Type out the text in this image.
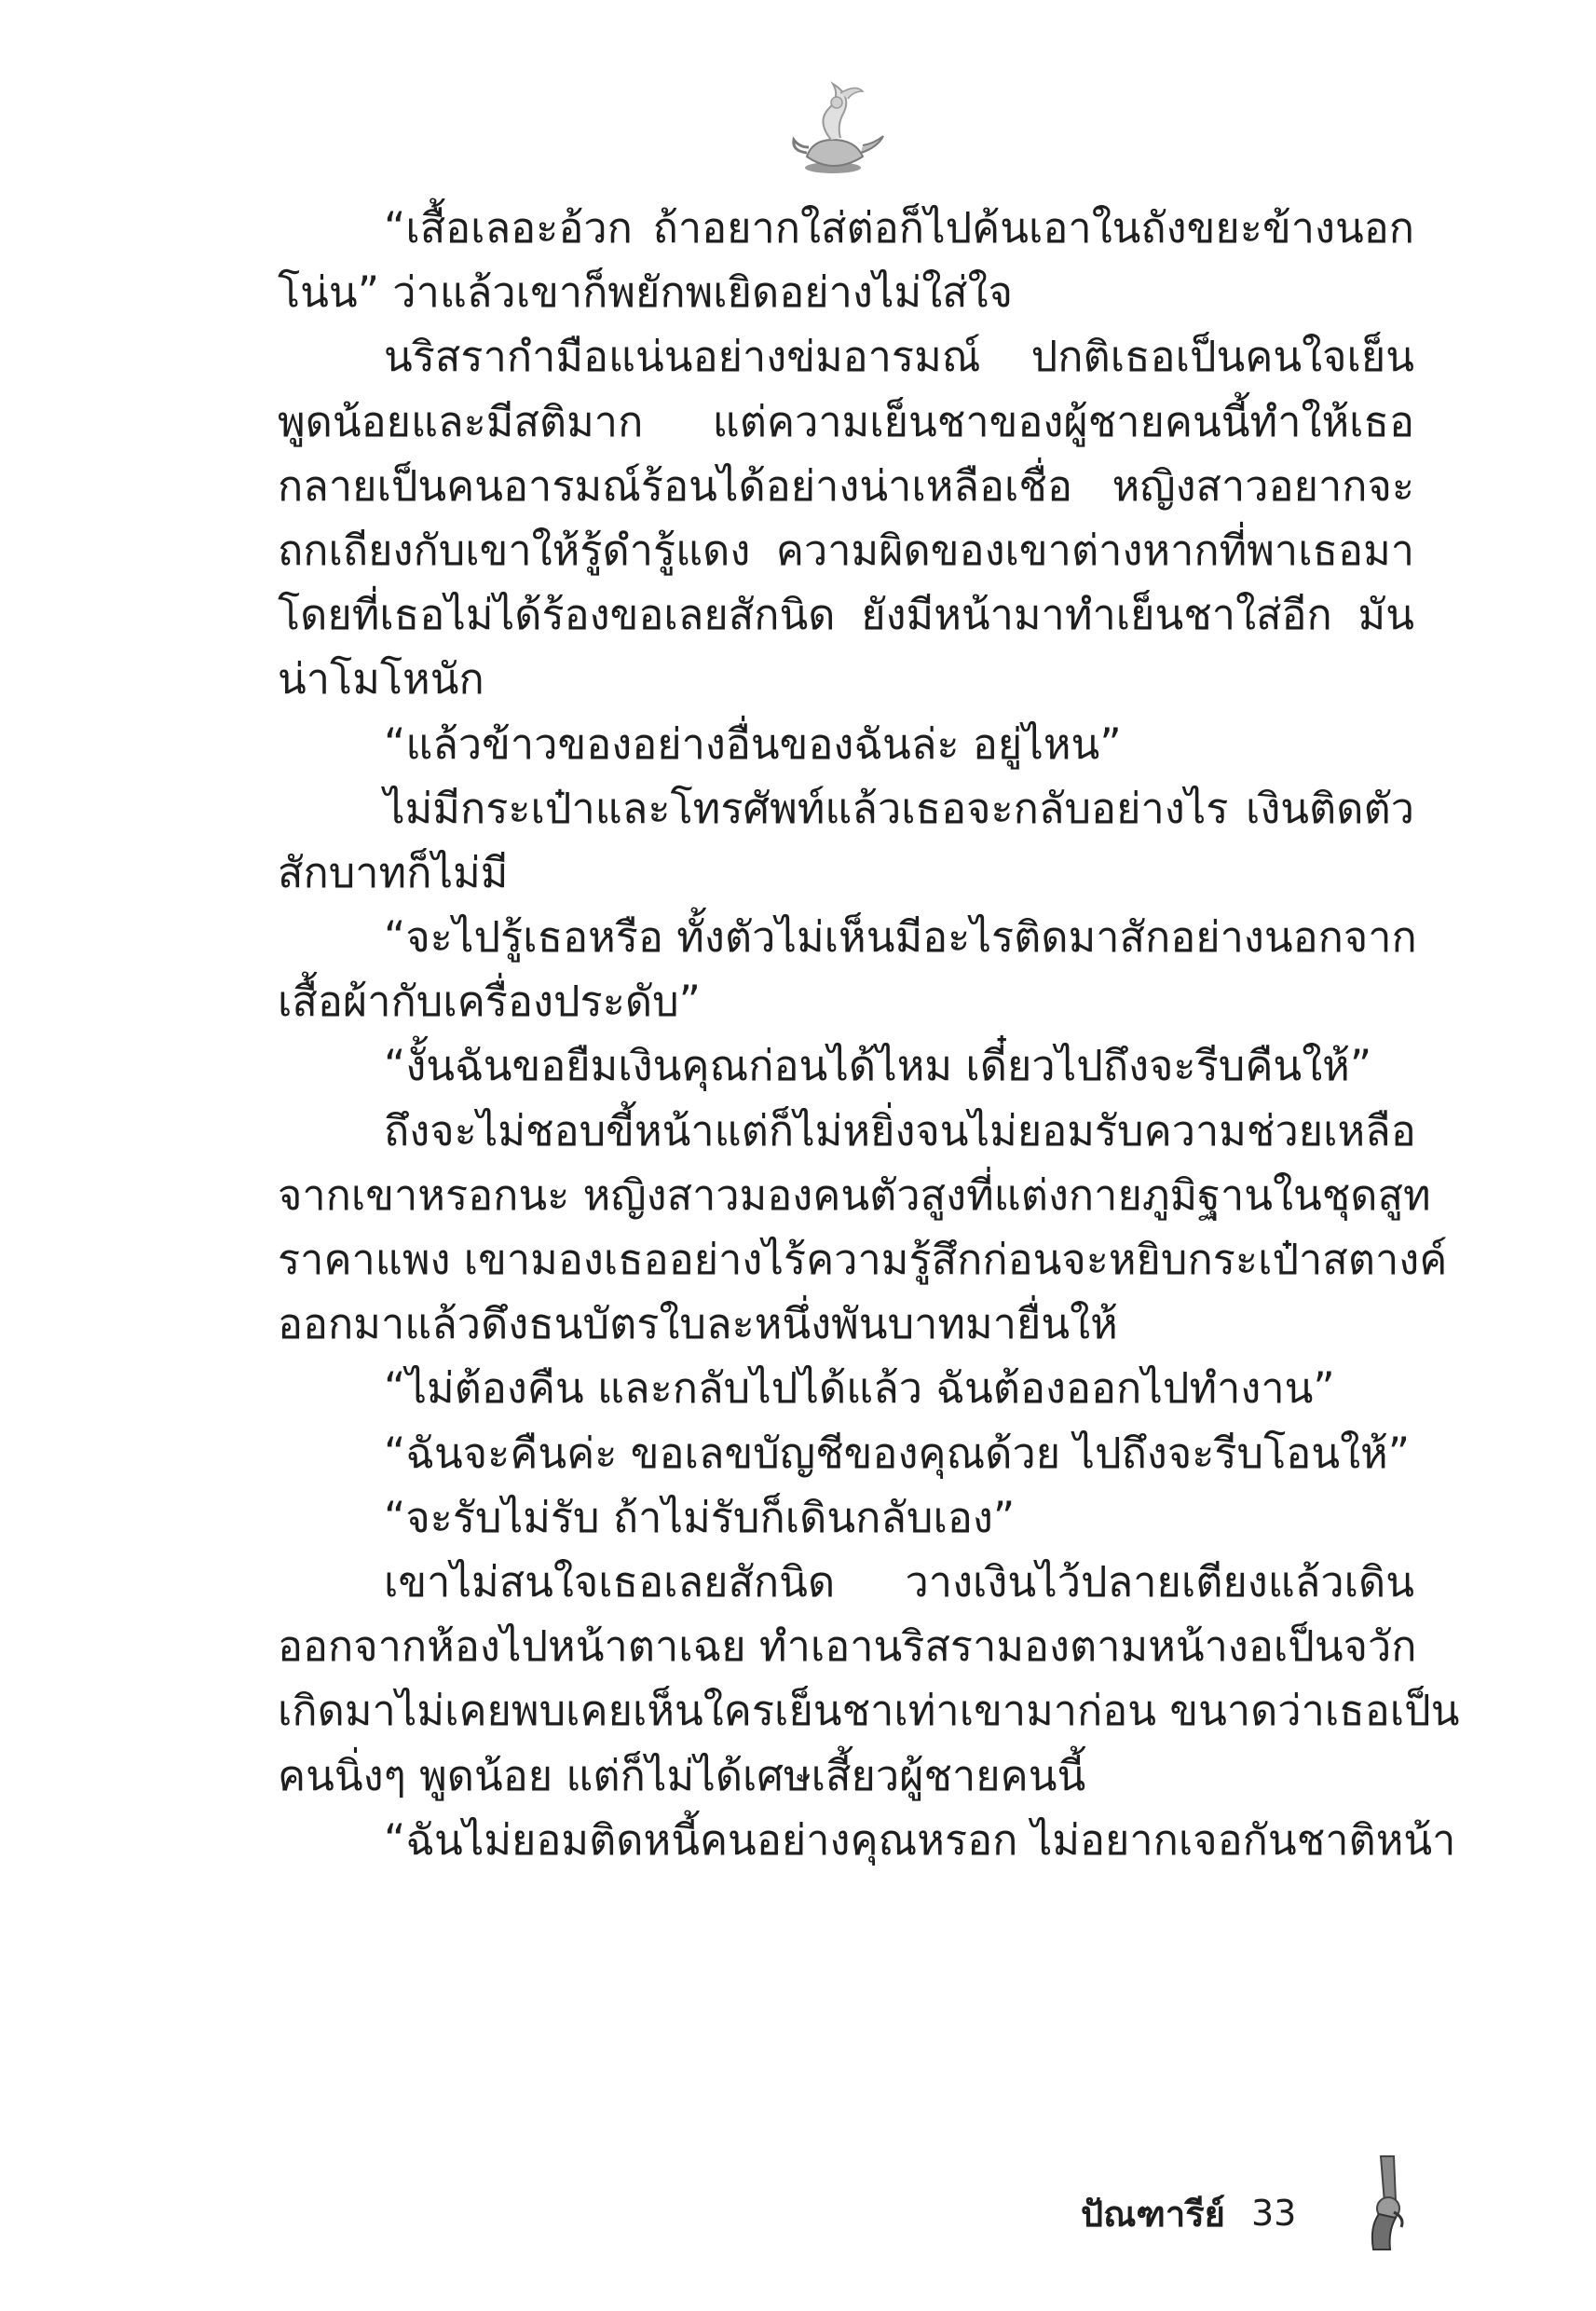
“เสื้อเลอะอ้วก ถ้าอยากใส่ต่อก็ไปค้นเอาในถังขยะข้างนอก
โน่น” ว่าแล้วเขาก็พยักพเยิดอย่างไม่ใส่ใจ
นริสรากำมือแน่นอย่างข่มอารมณ์ ปกติเธอเป็นคนใจเย็น
พูดน้อยและมีสติมาก แต่ความเย็นชาของผู้ชายคนนี้ทำให้เธอ
กลายเป็นคนอารมณ์ร้อนได้อย่างน่าเหลือเชื่อ หญิงสาวอยากจะ
ถกเถียงกับเขาให้รู้ดำรู้แดง ความผิดของเขาต่างหากที่พาเธอมา
โดยที่เธอไม่ได้ร้องขอเลยสักนิด ยังมีหน้ามาทำเย็นชาใส่อีก มัน
น่าโมโหนัก
“แล้วข้าวของอย่างอื่นของฉันล่ะ อยู่ไหน”
ไม่มีกระเป๋าและโทรศัพท์แล้วเธอจะกลับอย่างไร เงินติดตัว
สักบาทก็ไม่มี
“จะไปรู้เธอหรือ ทั้งตัวไม่เห็นมีอะไรติดมาสักอย่างนอกจาก
เสื้อผ้ากับเครื่องประดับ”
“งั้นฉันขอยืมเงินคุณก่อนได้ไหม เดี๋ยวไปถึงจะรีบคืนให้”
ถึงจะไม่ชอบขี้หน้าแต่ก็ไม่หยิ่งจนไม่ยอมรับความช่วยเหลือ
จากเขาหรอกนะ หญิงสาวมองคนตัวสูงที่แต่งกายภูมิฐานในชุดสูท
ราคาแพง เขามองเธออย่างไร้ความรู้สึกก่อนจะหยิบกระเป๋าสตางค์
ออกมาแล้วดึงธนบัตรใบละหนึ่งพันบาทมายื่นให้
“ไม่ต้องคืน และกลับไปได้แล้ว ฉันต้องออกไปทำงาน”
“ฉันจะคืนค่ะ ขอเลขบัญชีของคุณด้วย ไปถึงจะรีบโอนให้”
“จะรับไม่รับ ถ้าไม่รับก็เดินกลับเอง”
เขาไม่สนใจเธอเลยสักนิด วางเงินไว้ปลายเตียงแล้วเดิน
ออกจากห้องไปหน้าตาเฉย ทำเอานริสรามองตามหน้างอเป็นจวัก
เกิดมาไม่เคยพบเคยเห็นใครเย็นชาเท่าเขามาก่อน ขนาดว่าเธอเป็น
คนนิ่งๆ พูดน้อย แต่ก็ไม่ได้เศษเสี้ยวผู้ชายคนนี้
“ฉันไม่ยอมติดหนี้คนอย่างคุณหรอก ไม่อยากเจอกันชาติหน้า
ปัณฑารีย์ 33
